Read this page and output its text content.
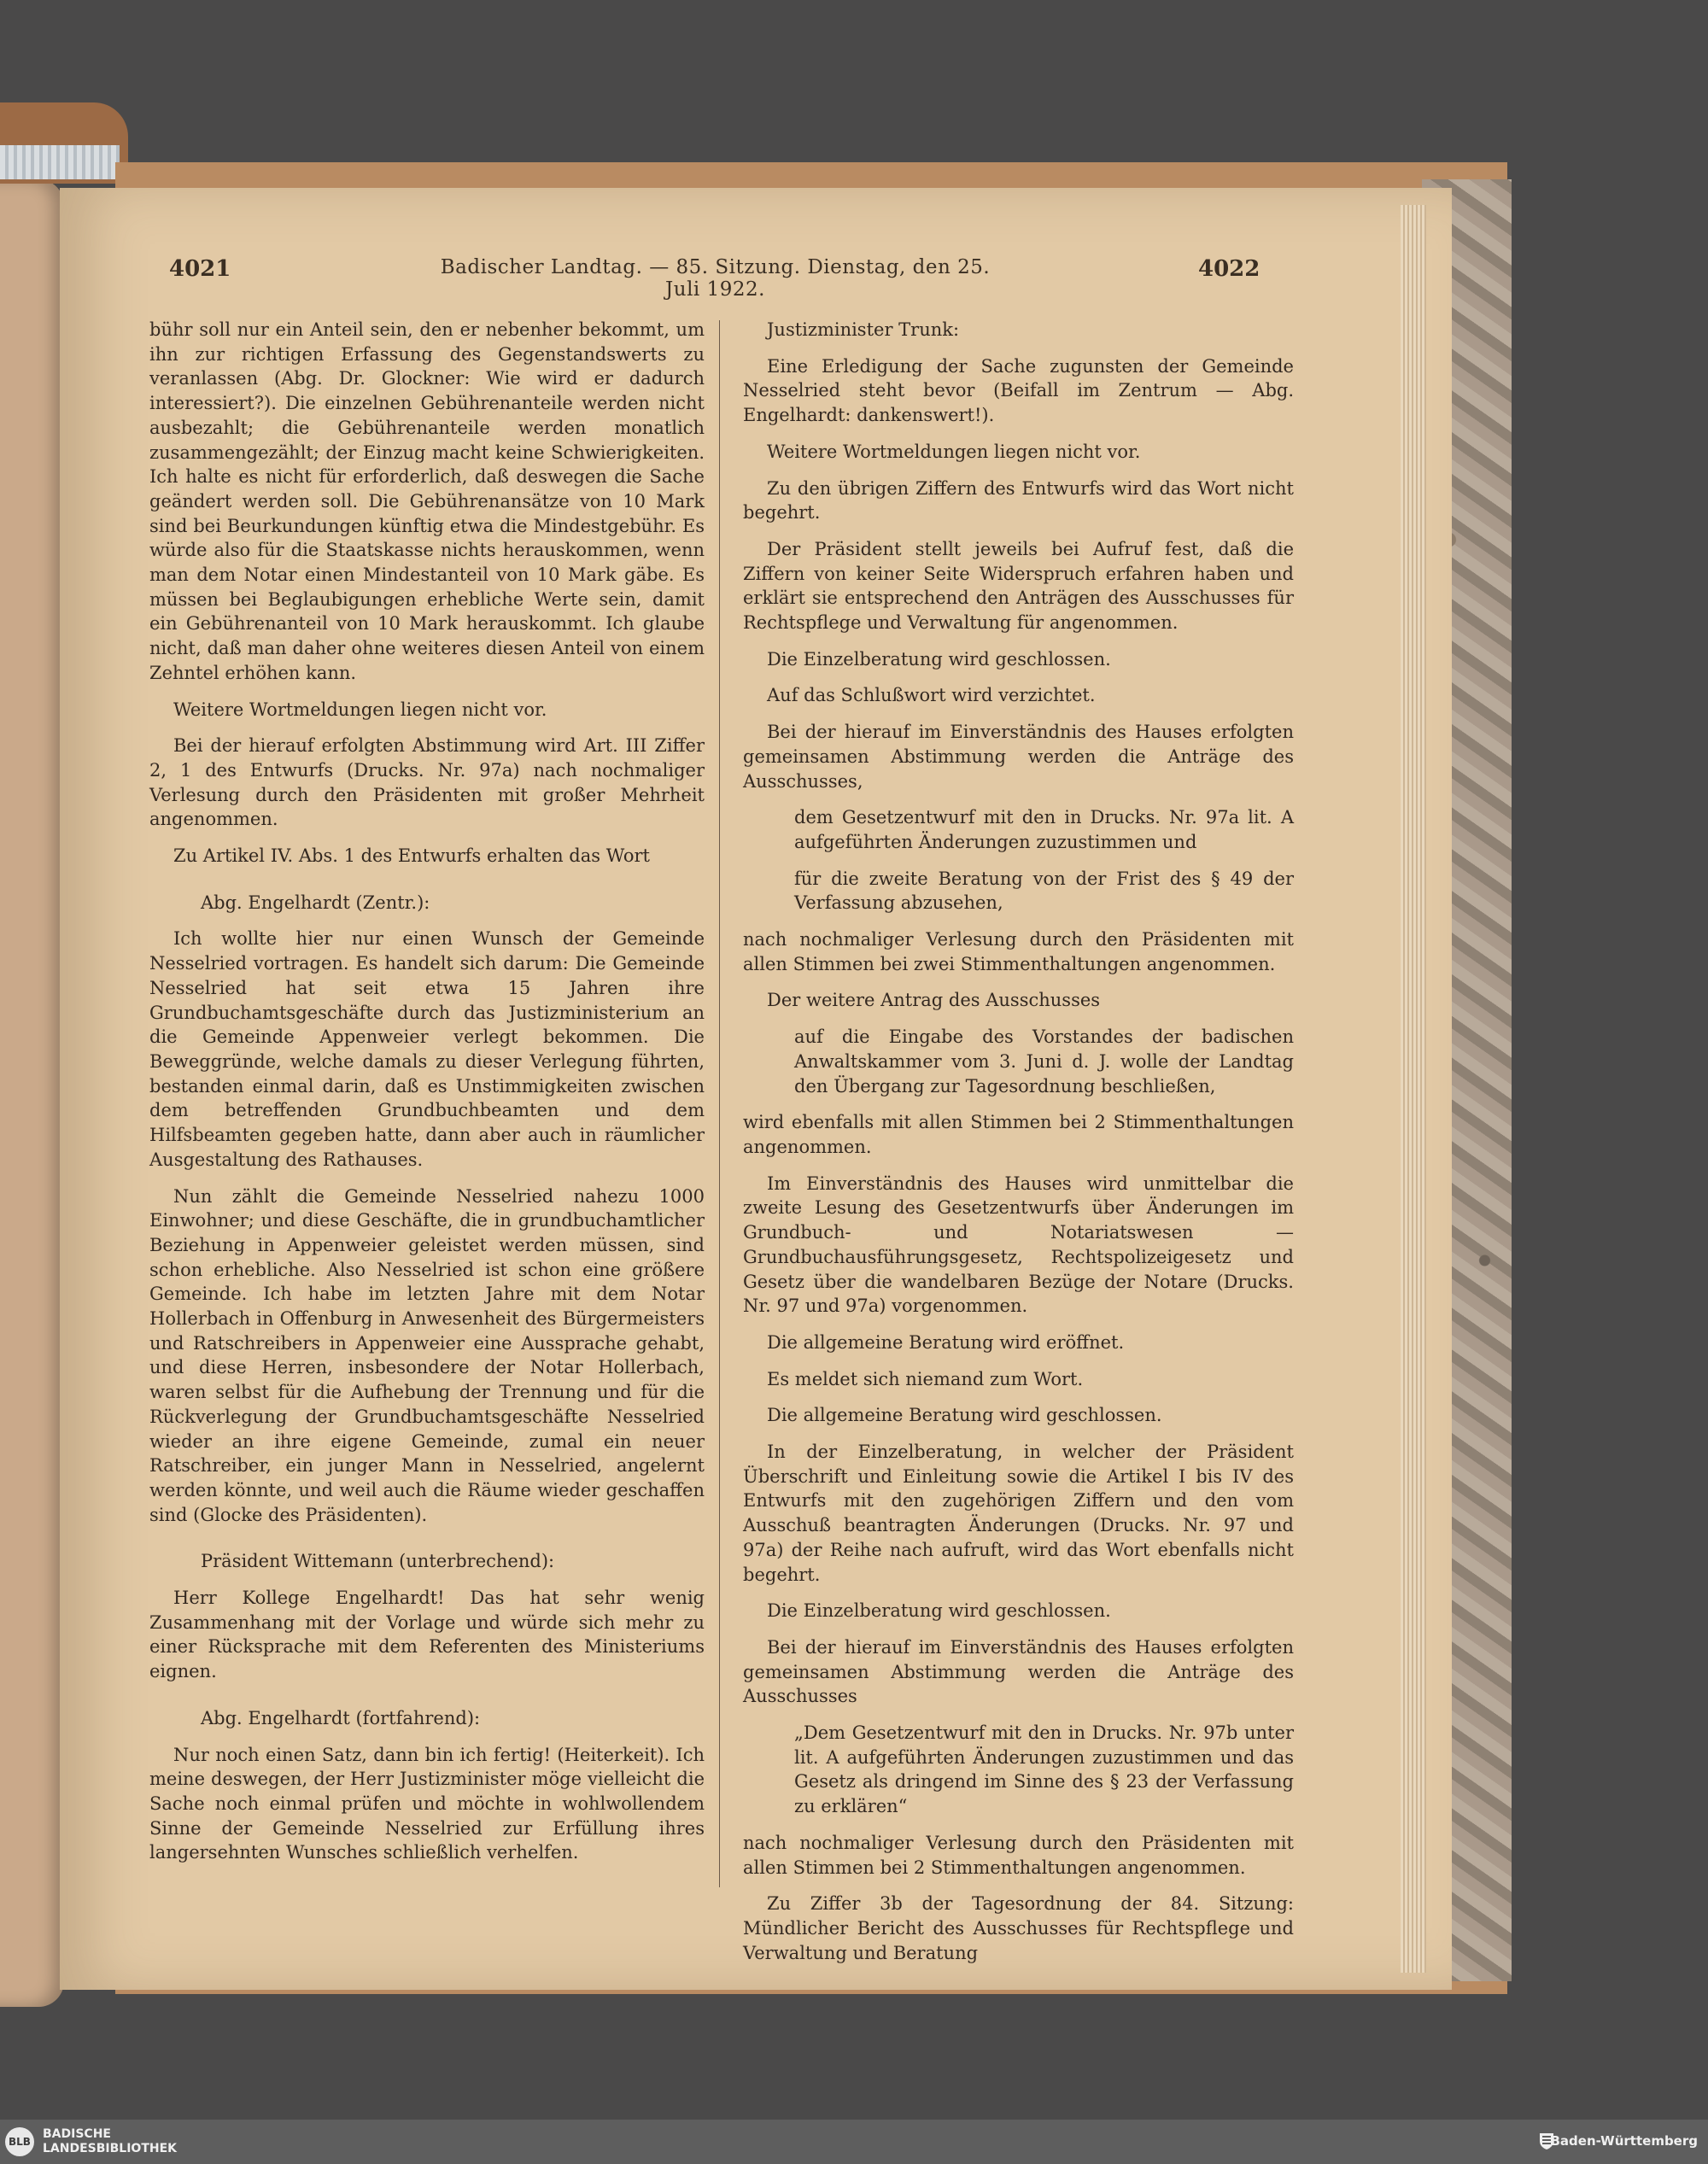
4021	Badischer Landtag. — 85. Sitzung. Dienstag, den 25. Juli 1922.
4022

bühr soll nur ein Anteil sein, den er nebenher bekommt, um ihn zur richtigen Erfassung des Gegenstandswerts zu veranlassen (Abg. Dr. Glockner: Wie wird er dadurch interessiert?). Die einzelnen Gebührenanteile werden nicht ausbezahlt; die Gebührenanteile werden monatlich zusammengezählt; der Einzug macht keine Schwierigkeiten. Ich halte es nicht für erforderlich, daß deswegen die Sache geändert werden soll. Die Gebührenansätze von 10 Mark sind bei Beurkundungen künftig etwa die Mindestgebühr. Es würde also für die Staatskasse nichts herauskommen, wenn man dem Notar einen Mindestanteil von 10 Mark gäbe. Es müssen bei Beglaubigungen erhebliche Werte sein, damit ein Gebührenanteil von 10 Mark herauskommt. Ich glaube nicht, daß man daher ohne weiteres diesen Anteil von einem Zehntel erhöhen kann.

Weitere Wortmeldungen liegen nicht vor.

Bei der hierauf erfolgten Abstimmung wird Art. III Ziffer 2, 1 des Entwurfs (Drucks. Nr. 97a) nach nochmaliger Verlesung durch den Präsidenten mit großer Mehrheit angenommen.

Zu Artikel IV. Abs. 1 des Entwurfs erhalten das Wort

Abg. Engelhardt (Zentr.):

Ich wollte hier nur einen Wunsch der Gemeinde Nesselried vortragen. Es handelt sich darum: Die Gemeinde Nesselried hat seit etwa 15 Jahren ihre Grundbuchamtsgeschäfte durch das Justizministerium an die Gemeinde Appenweier verlegt bekommen. Die Beweggründe, welche damals zu dieser Verlegung führten, bestanden einmal darin, daß es Unstimmigkeiten zwischen dem betreffenden Grundbuchbeamten und dem Hilfsbeamten gegeben hatte, dann aber auch in räumlicher Ausgestaltung des Rathauses.

Nun zählt die Gemeinde Nesselried nahezu 1000 Einwohner; und diese Geschäfte, die in grundbuchamtlicher Beziehung in Appenweier geleistet werden müssen, sind schon erhebliche. Also Nesselried ist schon eine größere Gemeinde. Ich habe im letzten Jahre mit dem Notar Hollerbach in Offenburg in Anwesenheit des Bürgermeisters und Ratschreibers in Appenweier eine Aussprache gehabt, und diese Herren, insbesondere der Notar Hollerbach, waren selbst für die Aufhebung der Trennung und für die Rückverlegung der Grundbuchamtsgeschäfte Nesselried wieder an ihre eigene Gemeinde, zumal ein neuer Ratschreiber, ein junger Mann in Nesselried, angelernt werden könnte, und weil auch die Räume wieder geschaffen sind (Glocke des Präsidenten).

Präsident Wittemann (unterbrechend):

Herr Kollege Engelhardt! Das hat sehr wenig Zusammenhang mit der Vorlage und würde sich mehr zu einer Rücksprache mit dem Referenten des Ministeriums eignen.

Abg. Engelhardt (fortfahrend):

Nur noch einen Satz, dann bin ich fertig! (Heiterkeit). Ich meine deswegen, der Herr Justizminister möge vielleicht die Sache noch einmal prüfen und möchte in wohlwollendem Sinne der Gemeinde Nesselried zur Erfüllung ihres langersehnten Wunsches schließlich verhelfen.

Justizminister Trunk:

Eine Erledigung der Sache zugunsten der Gemeinde Nesselried steht bevor (Beifall im Zentrum — Abg. Engelhardt: dankenswert!).

Weitere Wortmeldungen liegen nicht vor.

Zu den übrigen Ziffern des Entwurfs wird das Wort nicht begehrt.

Der Präsident stellt jeweils bei Aufruf fest, daß die Ziffern von keiner Seite Widerspruch erfahren haben und erklärt sie entsprechend den Anträgen des Ausschusses für Rechtspflege und Verwaltung für angenommen.

Die Einzelberatung wird geschlossen.

Auf das Schlußwort wird verzichtet.

Bei der hierauf im Einverständnis des Hauses erfolgten gemeinsamen Abstimmung werden die Anträge des Ausschusses,

dem Gesetzentwurf mit den in Drucks. Nr. 97a lit. A aufgeführten Änderungen zuzustimmen und

für die zweite Beratung von der Frist des § 49 der Verfassung abzusehen,

nach nochmaliger Verlesung durch den Präsidenten mit allen Stimmen bei zwei Stimmenthaltungen angenommen.

Der weitere Antrag des Ausschusses

auf die Eingabe des Vorstandes der badischen Anwaltskammer vom 3. Juni d. J. wolle der Landtag den Übergang zur Tagesordnung beschließen,

wird ebenfalls mit allen Stimmen bei 2 Stimmenthaltungen angenommen.

Im Einverständnis des Hauses wird unmittelbar die zweite Lesung des Gesetzentwurfs über Änderungen im Grundbuch- und Notariatswesen — Grundbuchausführungsgesetz, Rechtspolizeigesetz und Gesetz über die wandelbaren Bezüge der Notare (Drucks. Nr. 97 und 97a) vorgenommen.

Die allgemeine Beratung wird eröffnet.

Es meldet sich niemand zum Wort.

Die allgemeine Beratung wird geschlossen.

In der Einzelberatung, in welcher der Präsident Überschrift und Einleitung sowie die Artikel I bis IV des Entwurfs mit den zugehörigen Ziffern und den vom Ausschuß beantragten Änderungen (Drucks. Nr. 97 und 97a) der Reihe nach aufruft, wird das Wort ebenfalls nicht begehrt.

Die Einzelberatung wird geschlossen.

Bei der hierauf im Einverständnis des Hauses erfolgten gemeinsamen Abstimmung werden die Anträge des Ausschusses

„Dem Gesetzentwurf mit den in Drucks. Nr. 97b unter lit. A aufgeführten Änderungen zuzustimmen und das Gesetz als dringend im Sinne des § 23 der Verfassung zu erklären“

nach nochmaliger Verlesung durch den Präsidenten mit allen Stimmen bei 2 Stimmenthaltungen angenommen.

Zu Ziffer 3b der Tagesordnung der 84. Sitzung: Mündlicher Bericht des Ausschusses für Rechtspflege und Verwaltung und Beratung

BLB
BADISCHE
LANDESBIBLIOTHEK	Baden-Württemberg
